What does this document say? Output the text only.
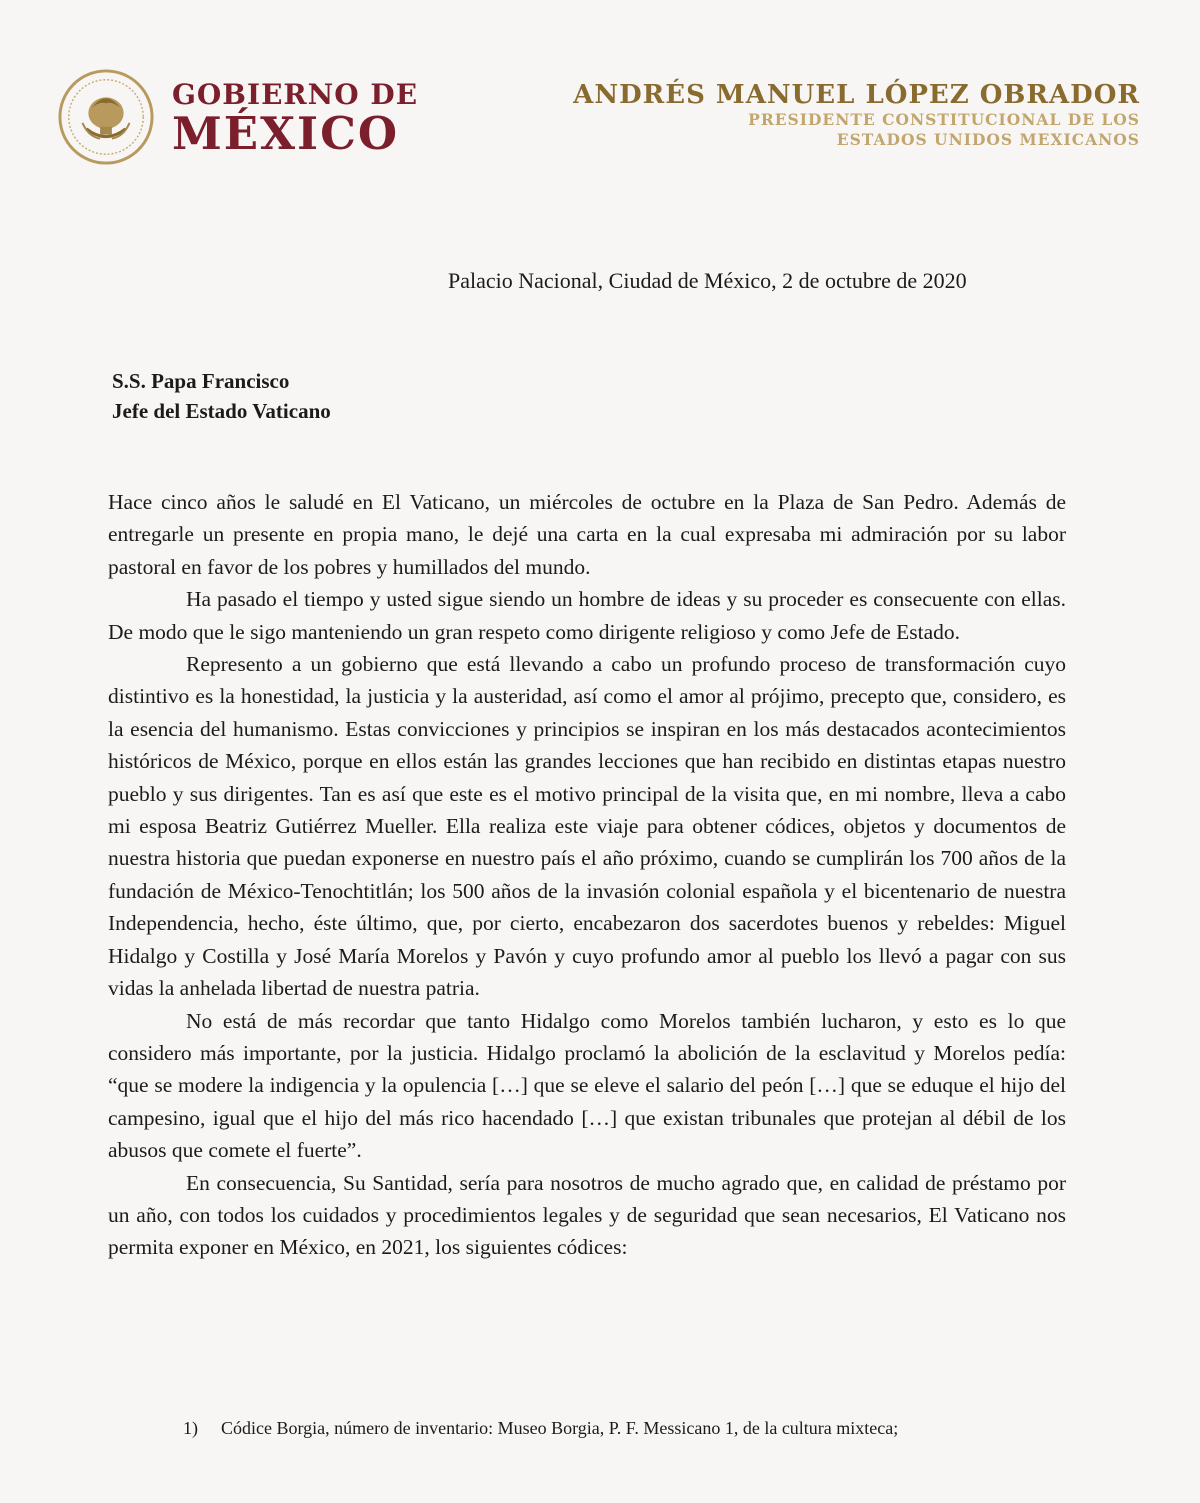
GOBIERNO DE
MÉXICO
ANDRÉS MANUEL LÓPEZ OBRADOR
PRESIDENTE CONSTITUCIONAL DE LOS
ESTADOS UNIDOS MEXICANOS
Palacio Nacional, Ciudad de México, 2 de octubre de 2020
S.S. Papa Francisco
Jefe del Estado Vaticano

Hace cinco años le saludé en El Vaticano, un miércoles de octubre en la Plaza de San Pedro. Además de entregarle un presente en propia mano, le dejé una carta en la cual expresaba mi admiración por su labor pastoral en favor de los pobres y humillados del mundo.

Ha pasado el tiempo y usted sigue siendo un hombre de ideas y su proceder es consecuente con ellas. De modo que le sigo manteniendo un gran respeto como dirigente religioso y como Jefe de Estado.

Represento a un gobierno que está llevando a cabo un profundo proceso de transformación cuyo distintivo es la honestidad, la justicia y la austeridad, así como el amor al prójimo, precepto que, considero, es la esencia del humanismo. Estas convicciones y principios se inspiran en los más destacados acontecimientos históricos de México, porque en ellos están las grandes lecciones que han recibido en distintas etapas nuestro pueblo y sus dirigentes. Tan es así que este es el motivo principal de la visita que, en mi nombre, lleva a cabo mi esposa Beatriz Gutiérrez Mueller. Ella realiza este viaje para obtener códices, objetos y documentos de nuestra historia que puedan exponerse en nuestro país el año próximo, cuando se cumplirán los 700 años de la fundación de México-Tenochtitlán; los 500 años de la invasión colonial española y el bicentenario de nuestra Independencia, hecho, éste último, que, por cierto, encabezaron dos sacerdotes buenos y rebeldes: Miguel Hidalgo y Costilla y José María Morelos y Pavón y cuyo profundo amor al pueblo los llevó a pagar con sus vidas la anhelada libertad de nuestra patria.

No está de más recordar que tanto Hidalgo como Morelos también lucharon, y esto es lo que considero más importante, por la justicia. Hidalgo proclamó la abolición de la esclavitud y Morelos pedía: “que se modere la indigencia y la opulencia […] que se eleve el salario del peón […] que se eduque el hijo del campesino, igual que el hijo del más rico hacendado […] que existan tribunales que protejan al débil de los abusos que comete el fuerte”.

En consecuencia, Su Santidad, sería para nosotros de mucho agrado que, en calidad de préstamo por un año, con todos los cuidados y procedimientos legales y de seguridad que sean necesarios, El Vaticano nos permita exponer en México, en 2021, los siguientes códices:

1) Códice Borgia, número de inventario: Museo Borgia, P. F. Messicano 1, de la cultura mixteca;
